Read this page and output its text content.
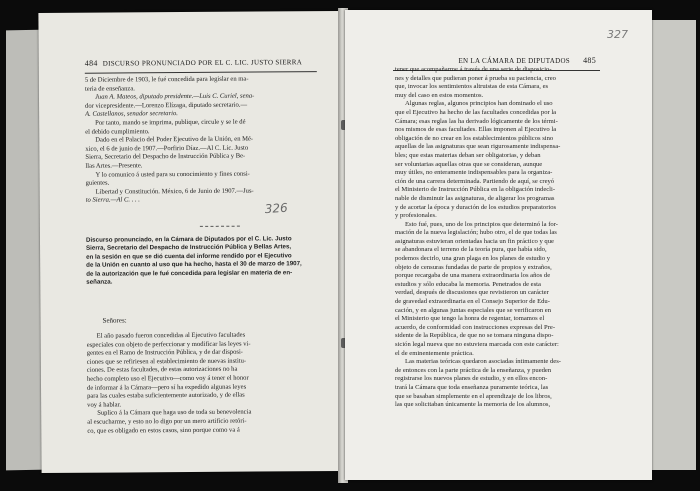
484 DISCURSO PRONUNCIADO POR EL C. LIC. JUSTO SIERRA
5 de Diciembre de 1903, le fué concedida para legislar en ma-
teria de enseñanza.
Juan A. Mateos, diputado presidente.—Luis C. Curiel, sena-
dor vicepresidente.—Lorenzo Elízaga, diputado secretario.—
A. Castellanos, senador secretario.
Por tanto, mando se imprima, publique, circule y se le dé
el debido cumplimiento.
Dado en el Palacio del Poder Ejecutivo de la Unión, en Mé-
xico, el 6 de junio de 1907.—Porfirio Díaz.—Al C. Lic. Justo
Sierra, Secretario del Despacho de Instrucción Pública y Be-
llas Artes.—Presente.
Y lo comunico á usted para su conocimiento y fines consi-
guientes.
Libertad y Constitución. México, 6 de Junio de 1907.—Jus-
to Sierra.—Al C. . . .
Discurso pronunciado, en la Cámara de Diputados por el C. Lic. Justo
Sierra, Secretario del Despacho de Instrucción Pública y Bellas Artes,
en la sesión en que se dió cuenta del informe rendido por el Ejecutivo
de la Unión en cuanto al uso que ha hecho, hasta el 30 de marzo de 1907,
de la autorización que le fué concedida para legislar en materia de en-
señanza.
Señores:
El año pasado fueron concedidas al Ejecutivo facultades
especiales con objeto de perfeccionar y modificar las leyes vi-
gentes en el Ramo de Instrucción Pública, y de dar disposi-
ciones que se refiriesen al establecimiento de nuevas institu-
ciones. De estas facultades, de estas autorizaciones no ha
hecho completo uso el Ejecutivo—como voy á tener el honor
de informar á la Cámara—pero sí ha expedido algunas leyes
para las cuales estaba suficientemente autorizado, y de ellas
voy á hablar.
Suplico á la Cámara que haga uso de toda su benevolencia
al escucharme, y esto no lo digo por un mero artificio retóri-
co, que es obligado en estos casos, sino porque como va á
326
EN LA CÁMARA DE DIPUTADOS 485
tener que acompañarme á través de una serie de disposicio-
nes y detalles que pudieran poner á prueba su paciencia, creo
que, invocar los sentimientos altruistas de esta Cámara, es
muy del caso en estos momentos.
Algunas reglas, algunos principios han dominado el uso
que el Ejecutivo ha hecho de las facultades concedidas por la
Cámara; esas reglas las ha derivado lógicamente de los térmi-
nos mismos de esas facultades. Ellas imponen al Ejecutivo la
obligación de no crear en los establecimientos públicos sino
aquellas de las asignaturas que sean rigurosamente indispensa-
bles; que estas materias deban ser obligatorias, y deban
ser voluntarias aquellas otras que se consideran, aunque
muy útiles, no enteramente indispensables para la organiza-
ción de una carrera determinada. Partiendo de aquí, se creyó
el Ministerio de Instrucción Pública en la obligación indecli-
nable de disminuir las asignaturas, de aligerar los programas
y de acortar la época y duración de los estudios preparatorios
y profesionales.
Esto fué, pues, uno de los principios que determinó la for-
mación de la nueva legislación; hubo otro, el de que todas las
asignaturas estuvieran orientadas hacia un fin práctico y que
se abandonara el terreno de la teoría pura, que había sido,
podemos decirlo, una gran plaga en los planes de estudio y
objeto de censuras fundadas de parte de propios y extraños,
porque recargaba de una manera extraordinaria los años de
estudios y sólo educaba la memoria. Penetrados de esta
verdad, después de discusiones que revistieron un carácter
de gravedad extraordinaria en el Consejo Superior de Edu-
cación, y en algunas juntas especiales que se verificaron en
el Ministerio que tengo la honra de regentar, tomamos el
acuerdo, de conformidad con instrucciones expresas del Pre-
sidente de la República, de que no se tomara ninguna dispo-
sición legal nueva que no estuviera marcada con este carácter:
el de eminentemente práctica.
Las materias teóricas quedaron asociadas íntimamente des-
de entonces con la parte práctica de la enseñanza, y pueden
registrarse los nuevos planes de estudio, y en ellos encon-
trará la Cámara que toda enseñanza puramente teórica, las
que se basaban simplemente en el aprendizaje de los libros,
las que solicitaban únicamente la memoria de los alumnos,
327
